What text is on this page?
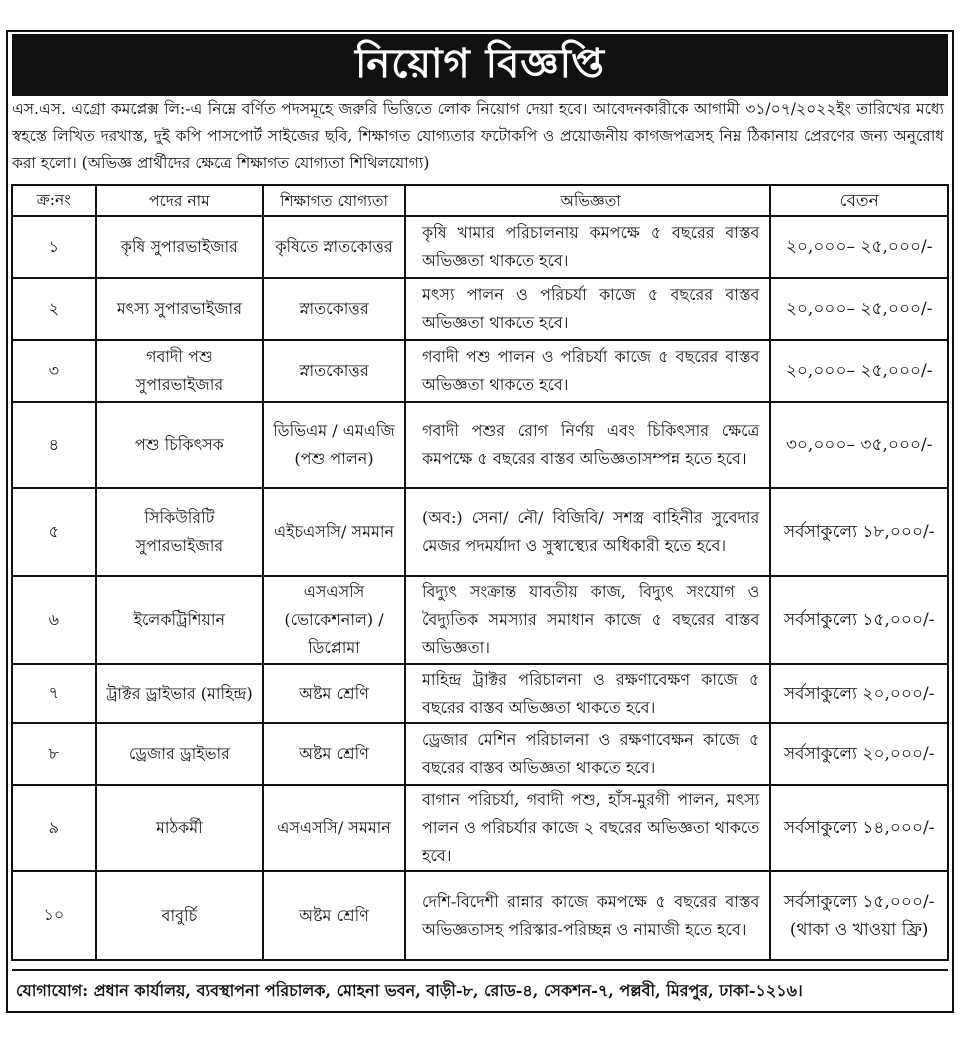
নিয়োগ বিজ্ঞপ্তি
এস.এস. এগ্রো কমপ্লেক্স লি:-এ নিম্নে বর্ণিত পদসমূহে জরুরি ভিত্তিতে লোক নিয়োগ দেয়া হবে। আবেদনকারীকে আগামী ৩১/০৭/২০২২ইং তারিখের মধ্যে স্বহস্তে লিখিত দরখাস্ত, দুই কপি পাসপোর্ট সাইজের ছবি, শিক্ষাগত যোগ্যতার ফটোকপি ও প্রয়োজনীয় কাগজপত্রসহ নিম্ন ঠিকানায় প্রেরণের জন্য অনুরোধ করা হলো। (অভিজ্ঞ প্রার্থীদের ক্ষেত্রে শিক্ষাগত যোগ্যতা শিথিলযোগ্য)
ক্র:নং	পদের নাম	শিক্ষাগত যোগ্যতা	অভিজ্ঞতা	বেতন
১	কৃষি সুপারভাইজার	কৃষিতে স্নাতকোত্তর	কৃষি খামার পরিচালনায় কমপক্ষে ৫ বছরের বাস্তব অভিজ্ঞতা থাকতে হবে।	২০,০০০– ২৫,০০০/-
২	মৎস্য সুপারভাইজার	স্নাতকোত্তর	মৎস্য পালন ও পরিচর্যা কাজে ৫ বছরের বাস্তব অভিজ্ঞতা থাকতে হবে।	২০,০০০– ২৫,০০০/-
৩	গবাদী পশু সুপারভাইজার	স্নাতকোত্তর	গবাদী পশু পালন ও পরিচর্যা কাজে ৫ বছরের বাস্তব অভিজ্ঞতা থাকতে হবে।	২০,০০০– ২৫,০০০/-
৪	পশু চিকিৎসক	ডিভিএম / এমএজি (পশু পালন)	গবাদী পশুর রোগ নির্ণয় এবং চিকিৎসার ক্ষেত্রে কমপক্ষে ৫ বছরের বাস্তব অভিজ্ঞতাসম্পন্ন হতে হবে।	৩০,০০০– ৩৫,০০০/-
৫	সিকিউরিটি সুপারভাইজার	এইচএসসি/ সমমান	(অব:) সেনা/ নৌ/ বিজিবি/ সশস্ত্র বাহিনীর সুবেদার মেজর পদমর্যাদা ও সুস্বাস্থ্যের অধিকারী হতে হবে।	সর্বসাকুল্যে ১৮,০০০/-
৬	ইলেকট্রিশিয়ান	এসএসসি (ভোকেশনাল) / ডিপ্লোমা	বিদ্যুৎ সংক্রান্ত যাবতীয় কাজ, বিদ্যুৎ সংযোগ ও বৈদ্যুতিক সমস্যার সমাধান কাজে ৫ বছরের বাস্তব অভিজ্ঞতা।	সর্বসাকুল্যে ১৫,০০০/-
৭	ট্রাক্টর ড্রাইভার (মাহিন্দ্র)	অষ্টম শ্রেণি	মাহিন্দ্র ট্রাক্টর পরিচালনা ও রক্ষণাবেক্ষণ কাজে ৫ বছরের বাস্তব অভিজ্ঞতা থাকতে হবে।	সর্বসাকুল্যে ২০,০০০/-
৮	ড্রেজার ড্রাইভার	অষ্টম শ্রেণি	ড্রেজার মেশিন পরিচালনা ও রক্ষণাবেক্ষন কাজে ৫ বছরের বাস্তব অভিজ্ঞতা থাকতে হবে।	সর্বসাকুল্যে ২০,০০০/-
৯	মাঠকর্মী	এসএসসি/ সমমান	বাগান পরিচর্যা, গবাদী পশু, হাঁস-মুরগী পালন, মৎস্য পালন ও পরিচর্যার কাজে ২ বছরের অভিজ্ঞতা থাকতে হবে।	সর্বসাকুল্যে ১৪,০০০/-
১০	বাবুর্চি	অষ্টম শ্রেণি	দেশি-বিদেশী রান্নার কাজে কমপক্ষে ৫ বছরের বাস্তব অভিজ্ঞতাসহ পরিস্কার-পরিচ্ছন্ন ও নামাজী হতে হবে।	সর্বসাকুল্যে ১৫,০০০/-
(থাকা ও খাওয়া ফ্রি)
যোগাযোগ: প্রধান কার্যালয়, ব্যবস্থাপনা পরিচালক, মোহনা ভবন, বাড়ী-৮, রোড-৪, সেকশন-৭, পল্লবী, মিরপুর, ঢাকা-১২১৬।
